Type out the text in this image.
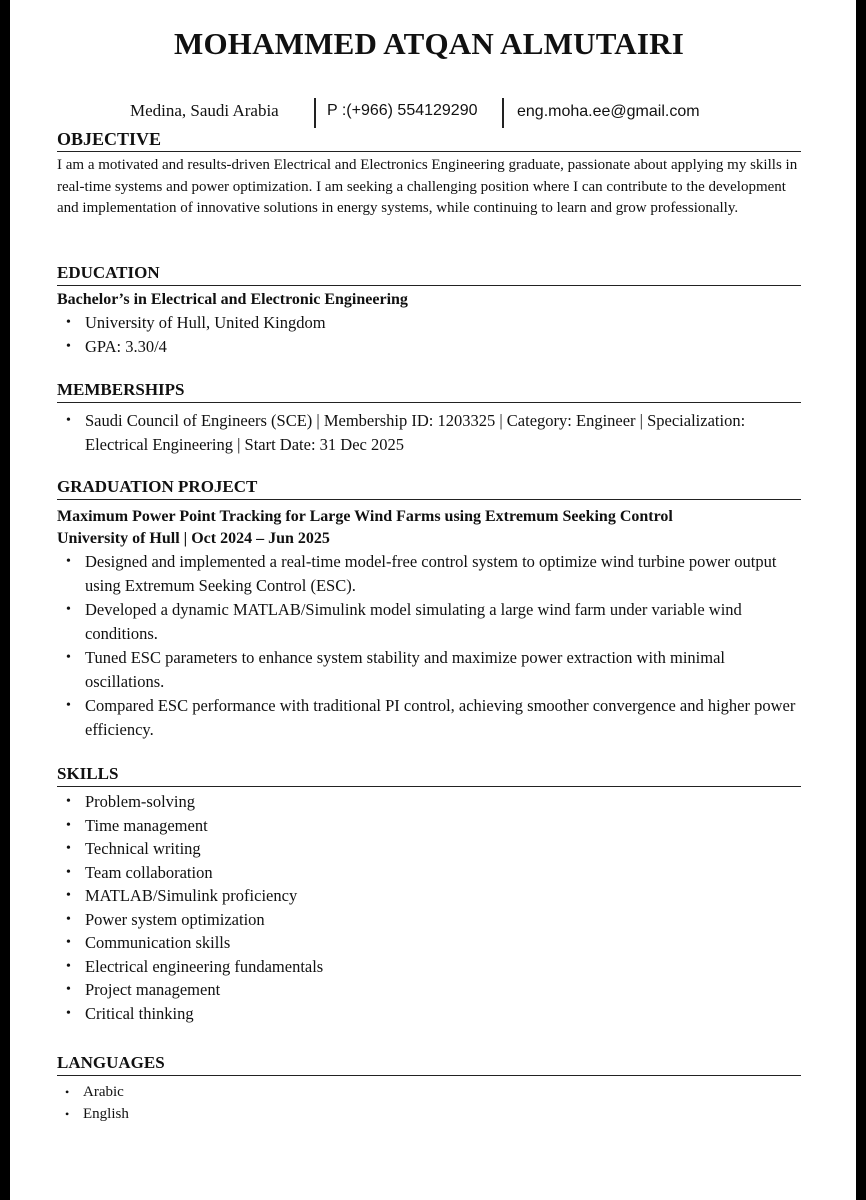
MOHAMMED ATQAN ALMUTAIRI
Medina, Saudi Arabia	P :(+966) 554129290 eng.moha.ee@gmail.com
OBJECTIVE

I am a motivated and results-driven Electrical and Electronics Engineering graduate, passionate about applying my skills in real-time systems and power optimization. I am seeking a challenging position where I can contribute to the development and implementation of innovative solutions in energy systems, while continuing to learn and grow professionally.

EDUCATION

Bachelor’s in Electrical and Electronic Engineering

• University of Hull, United Kingdom
• GPA: 3.30/4
MEMBERSHIPS
• Saudi Council of Engineers (SCE) | Membership ID: 1203325 | Category: Engineer | Specialization: Electrical Engineering | Start Date: 31 Dec 2025
GRADUATION PROJECT

Maximum Power Point Tracking for Large Wind Farms using Extremum Seeking Control

University of Hull | Oct 2024 – Jun 2025

• Designed and implemented a real-time model-free control system to optimize wind turbine power output using Extremum Seeking Control (ESC).
• Developed a dynamic MATLAB/Simulink model simulating a large wind farm under variable wind conditions.
• Tuned ESC parameters to enhance system stability and maximize power extraction with minimal oscillations.
• Compared ESC performance with traditional PI control, achieving smoother convergence and higher power efficiency.
SKILLS
• Problem-solving
• Time management
• Technical writing
• Team collaboration
• MATLAB/Simulink proficiency
• Power system optimization
• Communication skills
• Electrical engineering fundamentals
• Project management
• Critical thinking
LANGUAGES
• Arabic
• English
